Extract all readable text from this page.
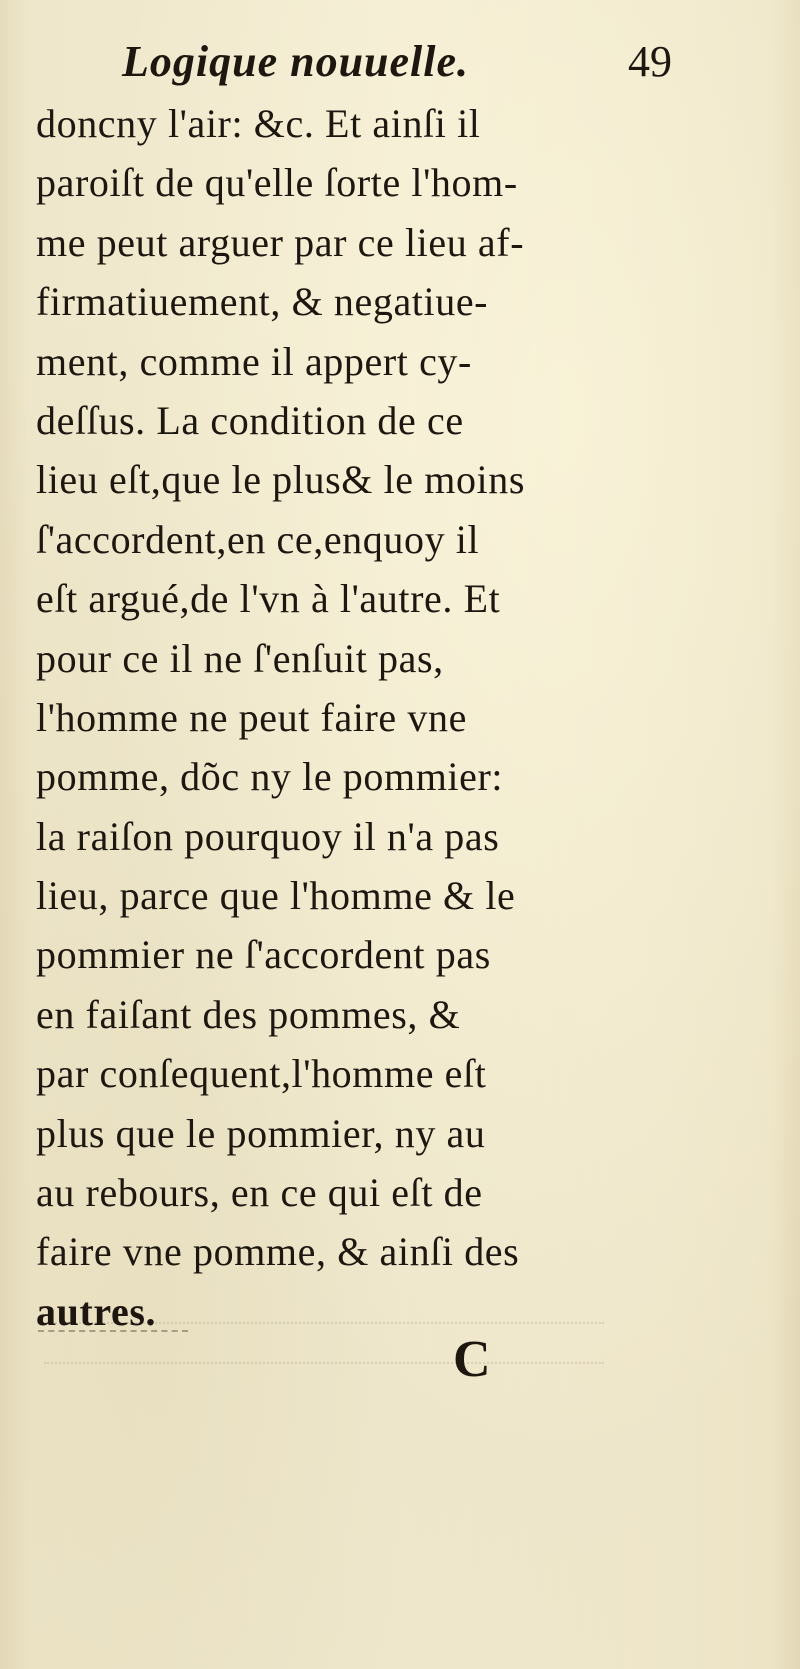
Logique nouuelle.	49
doncny l'air: &c. Et ainſi il
paroiſt de qu'elle ſorte l'hom-
me peut arguer par ce lieu af-
firmatiuement, & negatiue-
ment, comme il appert cy-
deſſus. La condition de ce
lieu eſt,que le plus& le moins
ſ'accordent,en ce,enquoy il
eſt argué,de l'vn à l'autre. Et
pour ce il ne ſ'enſuit pas,
l'homme ne peut faire vne
pomme, dõc ny le pommier:
la raiſon pourquoy il n'a pas
lieu, parce que l'homme & le
pommier ne ſ'accordent pas
en faiſant des pommes, &
par conſequent,l'homme eſt
plus que le pommier, ny au
au rebours, en ce qui eſt de
faire vne pomme, & ainſi des
autres.
C
